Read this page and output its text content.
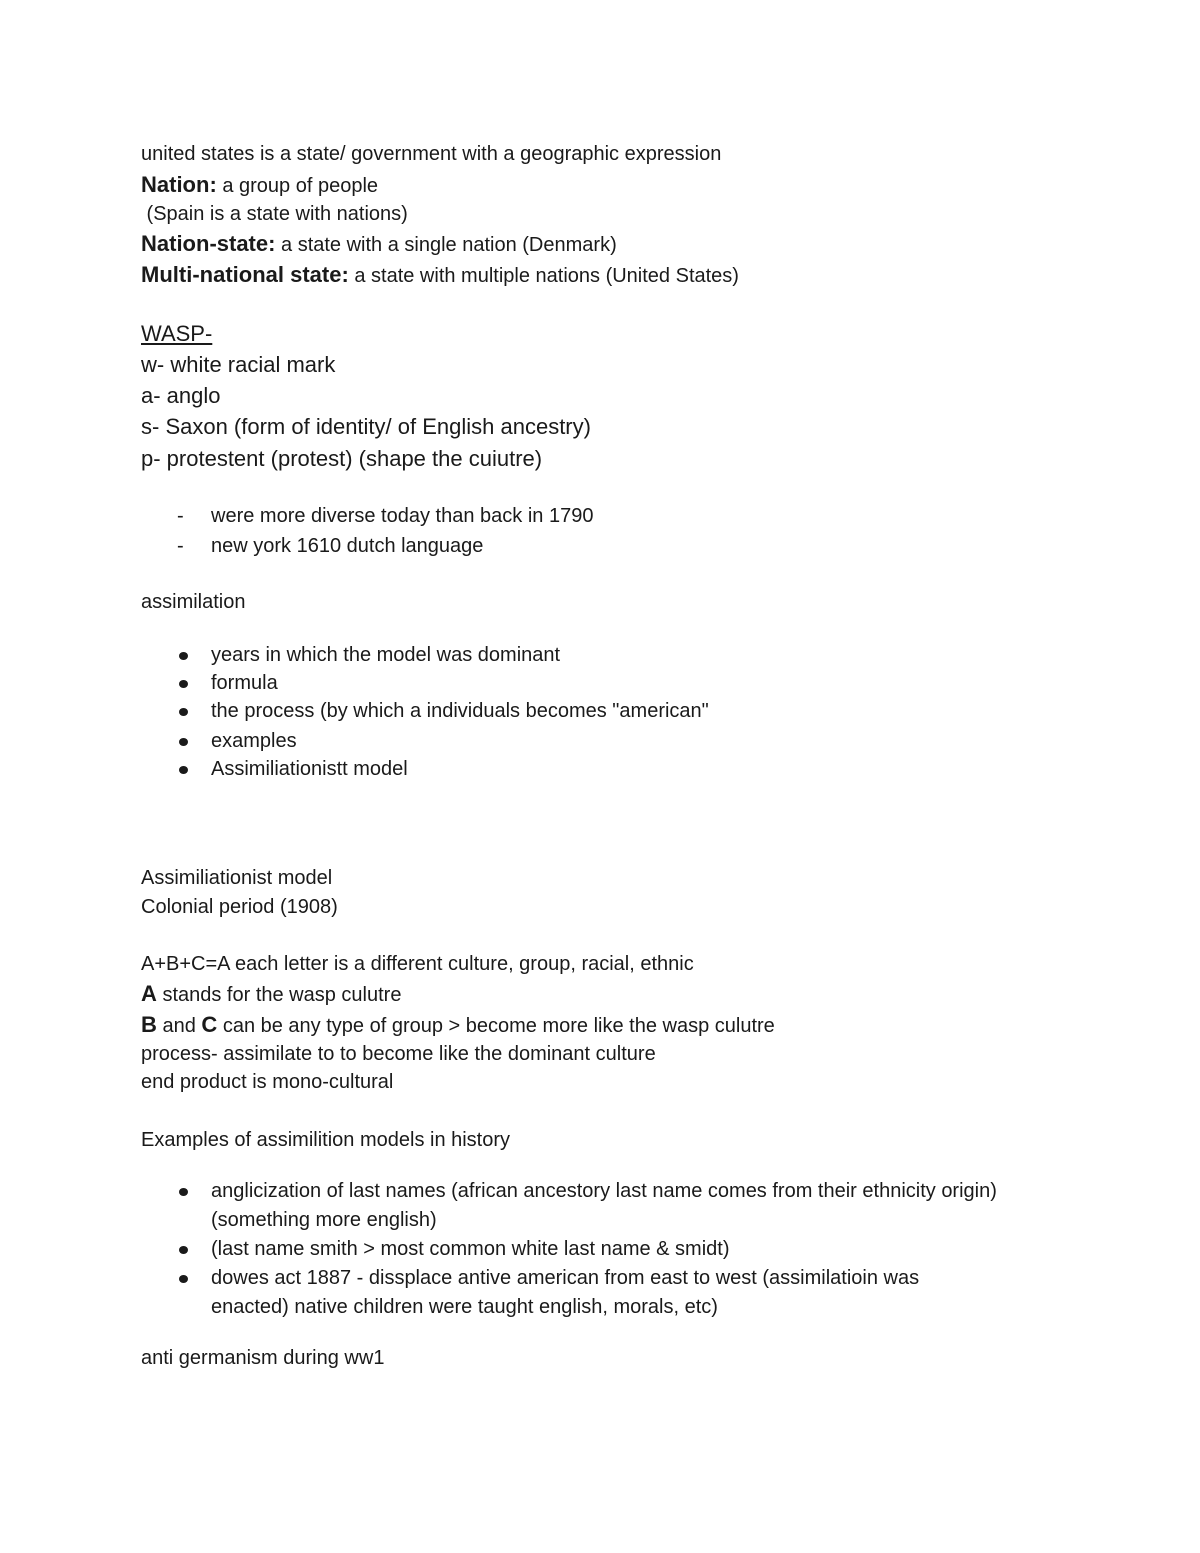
united states is a state/ government with a geographic expression
Nation: a group of people
(Spain is a state with nations)
Nation-state: a state with a single nation (Denmark)
Multi-national state: a state with multiple nations (United States)
WASP-
w- white racial mark
a- anglo
s- Saxon (form of identity/ of English ancestry)
p- protestent (protest) (shape the cuiutre)
- were more diverse today than back in 1790
- new york 1610 dutch language
assimilation
years in which the model was dominant
formula
the process (by which a individuals becomes "american"
examples
Assimiliationistt model
Assimiliationist model
Colonial period (1908)
A+B+C=A each letter is a different culture, group, racial, ethnic
A stands for the wasp culutre
B and C can be any type of group > become more like the wasp culutre
process- assimilate to to become like the dominant culture
end product is mono-cultural
Examples of assimilition models in history
anglicization of last names (african ancestory last name comes from their ethnicity origin) (something more english)
(last name smith > most common white last name & smidt)
dowes act 1887 - dissplace antive american from east to west (assimilatioin was enacted) native children were taught english, morals, etc)
anti germanism during ww1
